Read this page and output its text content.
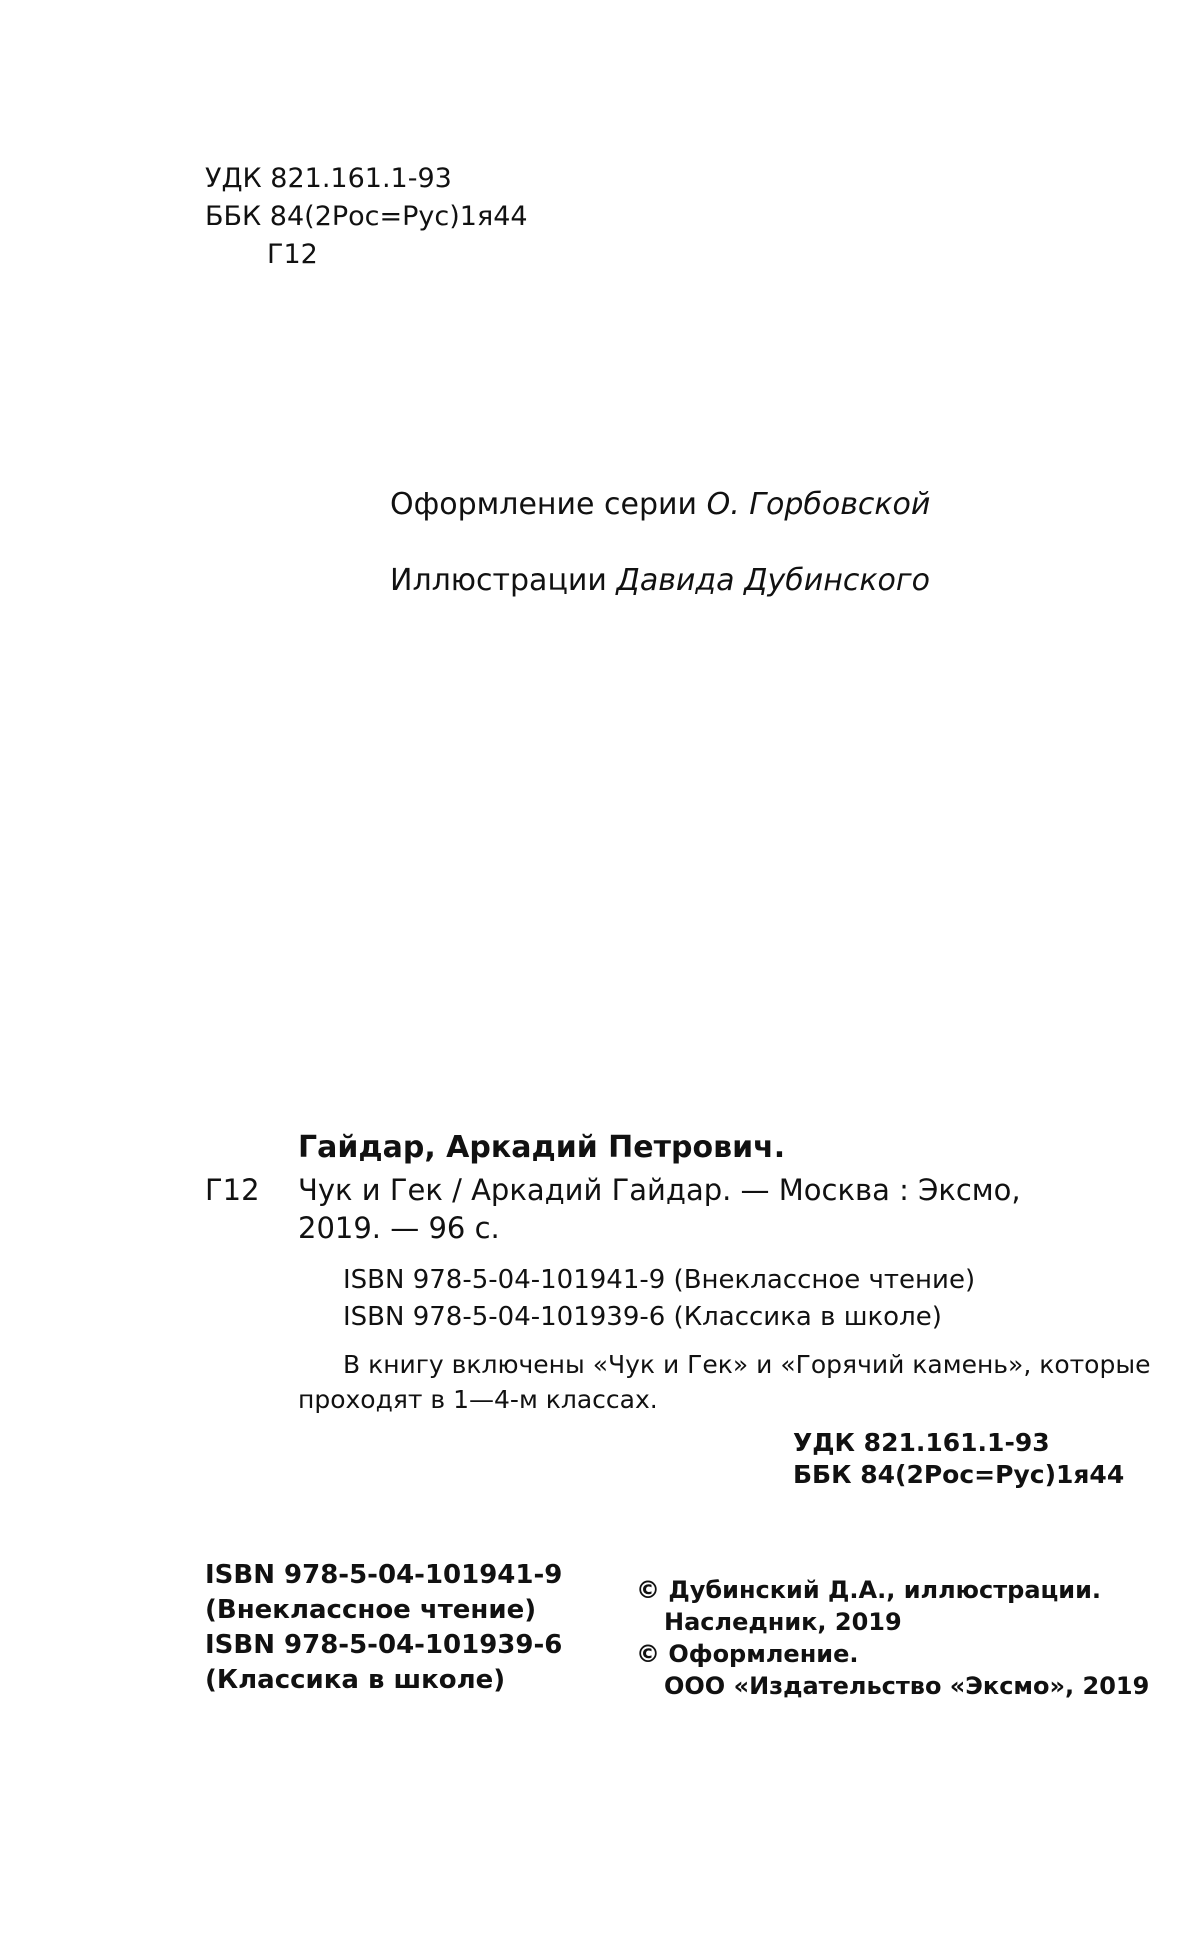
УДК 821.161.1-93
ББК 84(2Рос=Рус)1я44
Г12
Оформление серии О. Горбовской
Иллюстрации Давида Дубинского
Гайдар, Аркадий Петрович.
Г12 Чук и Гек / Аркадий Гайдар. — Москва : Эксмо,
2019. — 96 с.
ISBN 978-5-04-101941-9 (Внеклассное чтение)
ISBN 978-5-04-101939-6 (Классика в школе)
В книгу включены «Чук и Гек» и «Горячий камень», которые
проходят в 1—4-м классах.
УДК 821.161.1-93
ББК 84(2Рос=Рус)1я44
ISBN 978-5-04-101941-9
(Внеклассное чтение)
ISBN 978-5-04-101939-6
(Классика в школе)
© Дубинский Д.А., иллюстрации.
Наследник, 2019
© Оформление.
ООО «Издательство «Эксмо», 2019
